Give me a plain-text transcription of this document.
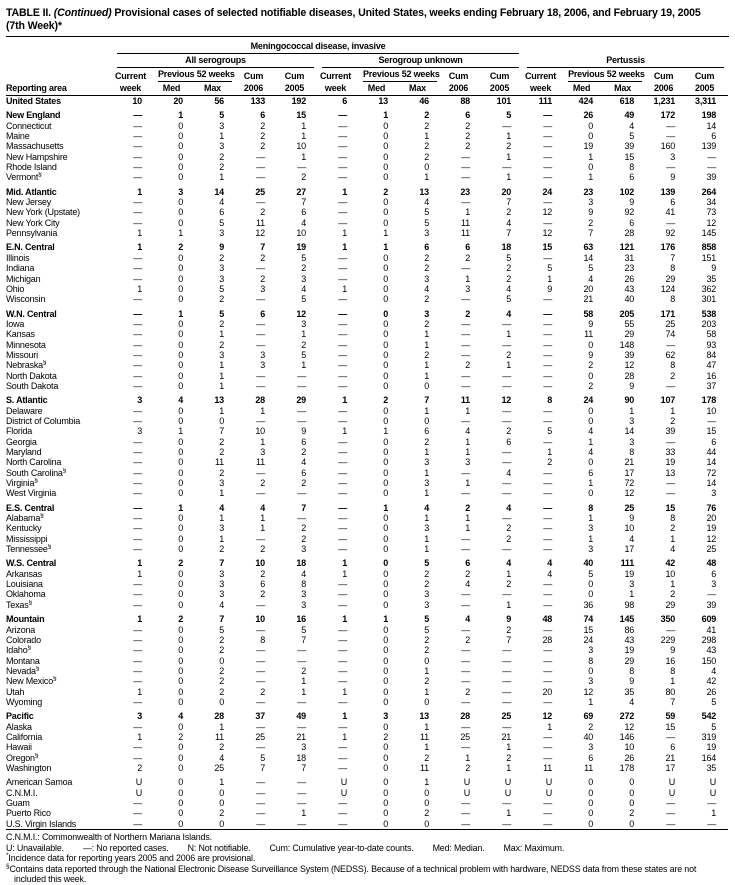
TABLE II. (Continued) Provisional cases of selected notifiable diseases, United States, weeks ending February 18, 2006, and February 19, 2005
(7th Week)*

	Meningococcal disease, invasive														

	All serogroups					Serogroup unknown					Pertussis				

	Current	Previous 52 weeks		Cum	Cum	Current	Previous 52 weeks		Cum	Cum	Current	Previous 52 weeks		Cum	Cum
Reporting area	week	Med	Max	2006	2005	week	Med	Max	2006	2005	week	Med	Max	2006	2005
United States	10	20	56	133	192	6	13	46	88	101	111	424	618	1,231	3,311

New England	—	1	5	6	15	—	1	2	6	5	—	26	49	172	198
Connecticut	—	0	3	2	1	—	0	2	2	—	—	0	4	—	14
Maine	—	0	1	2	1	—	0	1	2	1	—	0	5	—	6
Massachusetts	—	0	3	2	10	—	0	2	2	2	—	19	39	160	139
New Hampshire	—	0	2	—	1	—	0	2	—	1	—	1	15	3	—
Rhode Island	—	0	2	—	—	—	0	0	—	—	—	0	8	—	—
Vermont§	—	0	1	—	2	—	0	1	—	1	—	1	6	9	39

Mid. Atlantic	1	3	14	25	27	1	2	13	23	20	24	23	102	139	264
New Jersey	—	0	4	—	7	—	0	4	—	7	—	3	9	6	34
New York (Upstate)	—	0	6	2	6	—	0	5	1	2	12	9	92	41	73
New York City	—	0	5	11	4	—	0	5	11	4	—	2	6	—	12
Pennsylvania	1	1	3	12	10	1	1	3	11	7	12	7	28	92	145

E.N. Central	1	2	9	7	19	1	1	6	6	18	15	63	121	176	858
Illinois	—	0	2	2	5	—	0	2	2	5	—	14	31	7	151
Indiana	—	0	3	—	2	—	0	2	—	2	5	5	23	8	9
Michigan	—	0	3	2	3	—	0	3	1	2	1	4	26	29	35
Ohio	1	0	5	3	4	1	0	4	3	4	9	20	43	124	362
Wisconsin	—	0	2	—	5	—	0	2	—	5	—	21	40	8	301

W.N. Central	—	1	5	6	12	—	0	3	2	4	—	58	205	171	538
Iowa	—	0	2	—	3	—	0	2	—	—	—	9	55	25	203
Kansas	—	0	1	—	1	—	0	1	—	1	—	11	29	74	58
Minnesota	—	0	2	—	2	—	0	1	—	—	—	0	148	—	93
Missouri	—	0	3	3	5	—	0	2	—	2	—	9	39	62	84
Nebraska§	—	0	1	3	1	—	0	1	2	1	—	2	12	8	47
North Dakota	—	0	1	—	—	—	0	1	—	—	—	0	28	2	16
South Dakota	—	0	1	—	—	—	0	0	—	—	—	2	9	—	37

S. Atlantic	3	4	13	28	29	1	2	7	11	12	8	24	90	107	178
Delaware	—	0	1	1	—	—	0	1	1	—	—	0	1	1	10
District of Columbia	—	0	0	—	—	—	0	0	—	—	—	0	3	2	—
Florida	3	1	7	10	9	1	1	6	4	2	5	4	14	39	15
Georgia	—	0	2	1	6	—	0	2	1	6	—	1	3	—	6
Maryland	—	0	2	3	2	—	0	1	1	—	1	4	8	33	44
North Carolina	—	0	11	11	4	—	0	3	3	—	2	0	21	19	14
South Carolina§	—	0	2	—	6	—	0	1	—	4	—	6	17	13	72
Virginia§	—	0	3	2	2	—	0	3	1	—	—	1	72	—	14
West Virginia	—	0	1	—	—	—	0	1	—	—	—	0	12	—	3

E.S. Central	—	1	4	4	7	—	1	4	2	4	—	8	25	15	76
Alabama§	—	0	1	1	—	—	0	1	1	—	—	1	9	8	20
Kentucky	—	0	3	1	2	—	0	3	1	2	—	3	10	2	19
Mississippi	—	0	1	—	2	—	0	1	—	2	—	1	4	1	12
Tennessee§	—	0	2	2	3	—	0	1	—	—	—	3	17	4	25

W.S. Central	1	2	7	10	18	1	0	5	6	4	4	40	111	42	48
Arkansas	1	0	3	2	4	1	0	2	2	1	4	5	19	10	6
Louisiana	—	0	3	6	8	—	0	2	4	2	—	0	3	1	3
Oklahoma	—	0	3	2	3	—	0	3	—	—	—	0	1	2	—
Texas§	—	0	4	—	3	—	0	3	—	1	—	36	98	29	39

Mountain	1	2	7	10	16	1	1	5	4	9	48	74	145	350	609
Arizona	—	0	5	—	5	—	0	5	—	2	—	15	86	—	41
Colorado	—	0	2	8	7	—	0	2	2	7	28	24	43	229	298
Idaho§	—	0	2	—	—	—	0	2	—	—	—	3	19	9	43
Montana	—	0	0	—	—	—	0	0	—	—	—	8	29	16	150
Nevada§	—	0	2	—	2	—	0	1	—	—	—	0	8	8	4
New Mexico§	—	0	2	—	1	—	0	2	—	—	—	3	9	1	42
Utah	1	0	2	2	1	1	0	1	2	—	20	12	35	80	26
Wyoming	—	0	0	—	—	—	0	0	—	—	—	1	4	7	5

Pacific	3	4	28	37	49	1	3	13	28	25	12	69	272	59	542
Alaska	—	0	1	—	—	—	0	1	—	—	1	2	12	15	5
California	1	2	11	25	21	1	2	11	25	21	—	40	146	—	319
Hawaii	—	0	2	—	3	—	0	1	—	1	—	3	10	6	19
Oregon§	—	0	4	5	18	—	0	2	1	2	—	6	26	21	164
Washington	2	0	25	7	7	—	0	11	2	1	11	11	178	17	35

American Samoa	U	0	1	—	—	U	0	1	U	U	U	0	0	U	U
C.N.M.I.	U	0	0	—	—	U	0	0	U	U	U	0	0	U	U
Guam	—	0	0	—	—	—	0	0	—	—	—	0	0	—	—
Puerto Rico	—	0	2	—	1	—	0	2	—	1	—	0	2	—	1
U.S. Virgin Islands	—	0	0	—	—	—	0	0	—	—	—	0	0	—	—
C.N.M.I.: Commonwealth of Northern Mariana Islands.
U: Unavailable. —: No reported cases. N: Not notifiable. Cum: Cumulative year-to-date counts. Med: Median. Max: Maximum.
*Incidence data for reporting years 2005 and 2006 are provisional.
§Contains data reported through the National Electronic Disease Surveillance System (NEDSS). Because of a technical problem with hardware, NEDSS data from these states are not included this week.
